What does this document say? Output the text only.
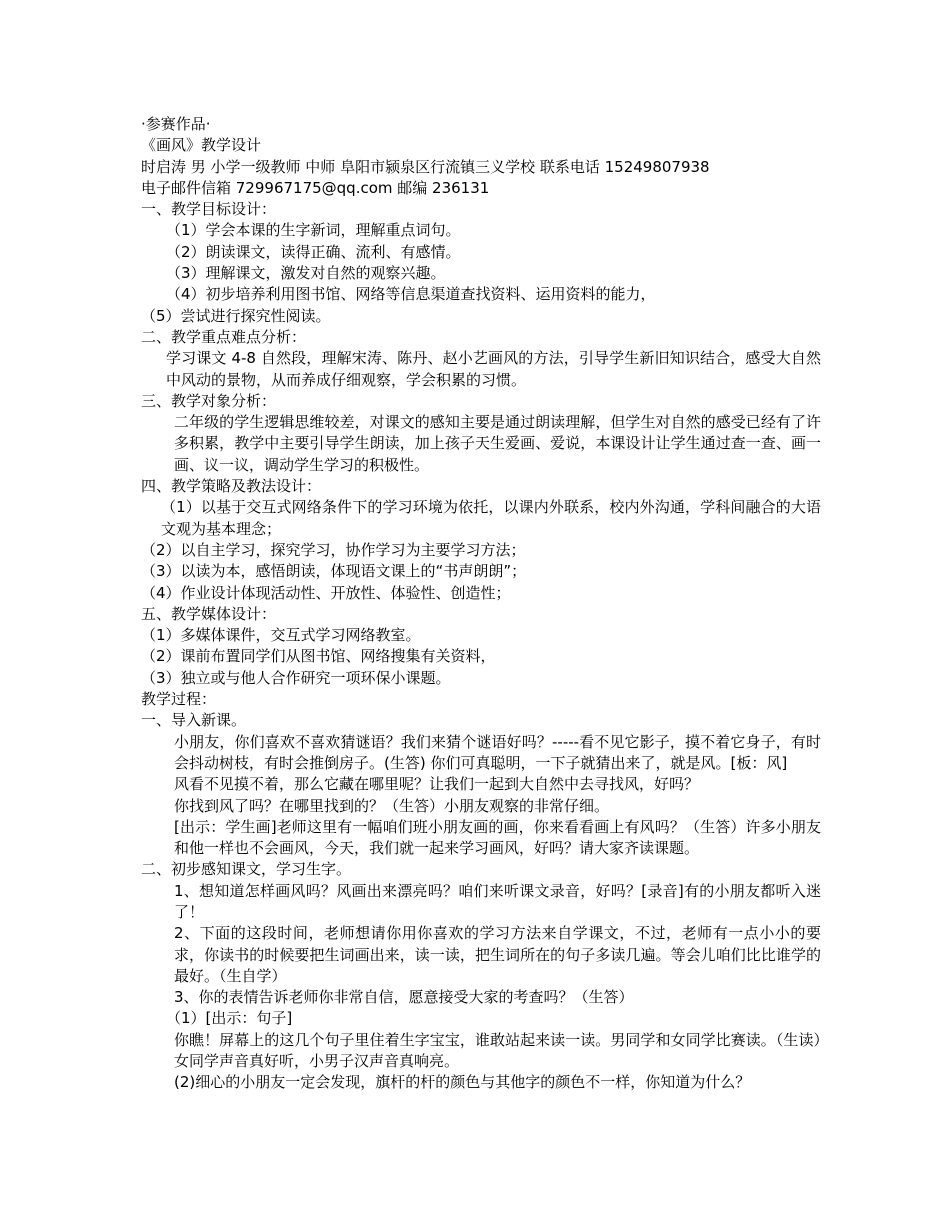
·参赛作品·
《画风》教学设计
时启涛 男 小学一级教师 中师 阜阳市颍泉区行流镇三义学校 联系电话 15249807938
电子邮件信箱 729967175@qq.com 邮编 236131
一、教学目标设计：
（1）学会本课的生字新词，理解重点词句。
（2）朗读课文，读得正确、流利、有感情。
（3）理解课文，激发对自然的观察兴趣。
（4）初步培养利用图书馆、网络等信息渠道查找资料、运用资料的能力，
（5）尝试进行探究性阅读。
二、教学重点难点分析：
学习课文 4-8 自然段，理解宋涛、陈丹、赵小艺画风的方法，引导学生新旧知识结合，感受大自然中风动的景物，从而养成仔细观察，学会积累的习惯。
三、教学对象分析：
二年级的学生逻辑思维较差，对课文的感知主要是通过朗读理解，但学生对自然的感受已经有了许多积累，教学中主要引导学生朗读，加上孩子天生爱画、爱说，本课设计让学生通过查一查、画一画、议一议，调动学生学习的积极性。
四、教学策略及教法设计：
（1）以基于交互式网络条件下的学习环境为依托，以课内外联系，校内外沟通，学科间融合的大语文观为基本理念；
（2）以自主学习，探究学习，协作学习为主要学习方法；
（3）以读为本，感悟朗读，体现语文课上的“书声朗朗”；
（4）作业设计体现活动性、开放性、体验性、创造性；
五、教学媒体设计：
（1）多媒体课件，交互式学习网络教室。
（2）课前布置同学们从图书馆、网络搜集有关资料，
（3）独立或与他人合作研究一项环保小课题。
教学过程：
一、导入新课。
小朋友，你们喜欢不喜欢猜谜语？我们来猜个谜语好吗？-----看不见它影子，摸不着它身子，有时会抖动树枝，有时会推倒房子。(生答) 你们可真聪明，一下子就猜出来了，就是风。[板：风]
风看不见摸不着，那么它藏在哪里呢？让我们一起到大自然中去寻找风，好吗？
你找到风了吗？在哪里找到的？（生答）小朋友观察的非常仔细。
[出示：学生画]老师这里有一幅咱们班小朋友画的画，你来看看画上有风吗？（生答）许多小朋友和他一样也不会画风，今天，我们就一起来学习画风，好吗？请大家齐读课题。
二、初步感知课文，学习生字。
1、想知道怎样画风吗？风画出来漂亮吗？咱们来听课文录音，好吗？[录音]有的小朋友都听入迷了！
2、下面的这段时间，老师想请你用你喜欢的学习方法来自学课文，不过，老师有一点小小的要求，你读书的时候要把生词画出来，读一读，把生词所在的句子多读几遍。等会儿咱们比比谁学的最好。（生自学）
3、你的表情告诉老师你非常自信，愿意接受大家的考查吗？（生答）
（1）[出示：句子]
你瞧！屏幕上的这几个句子里住着生字宝宝，谁敢站起来读一读。男同学和女同学比赛读。（生读）女同学声音真好听，小男子汉声音真响亮。
(2)细心的小朋友一定会发现，旗杆的杆的颜色与其他字的颜色不一样，你知道为什么？
